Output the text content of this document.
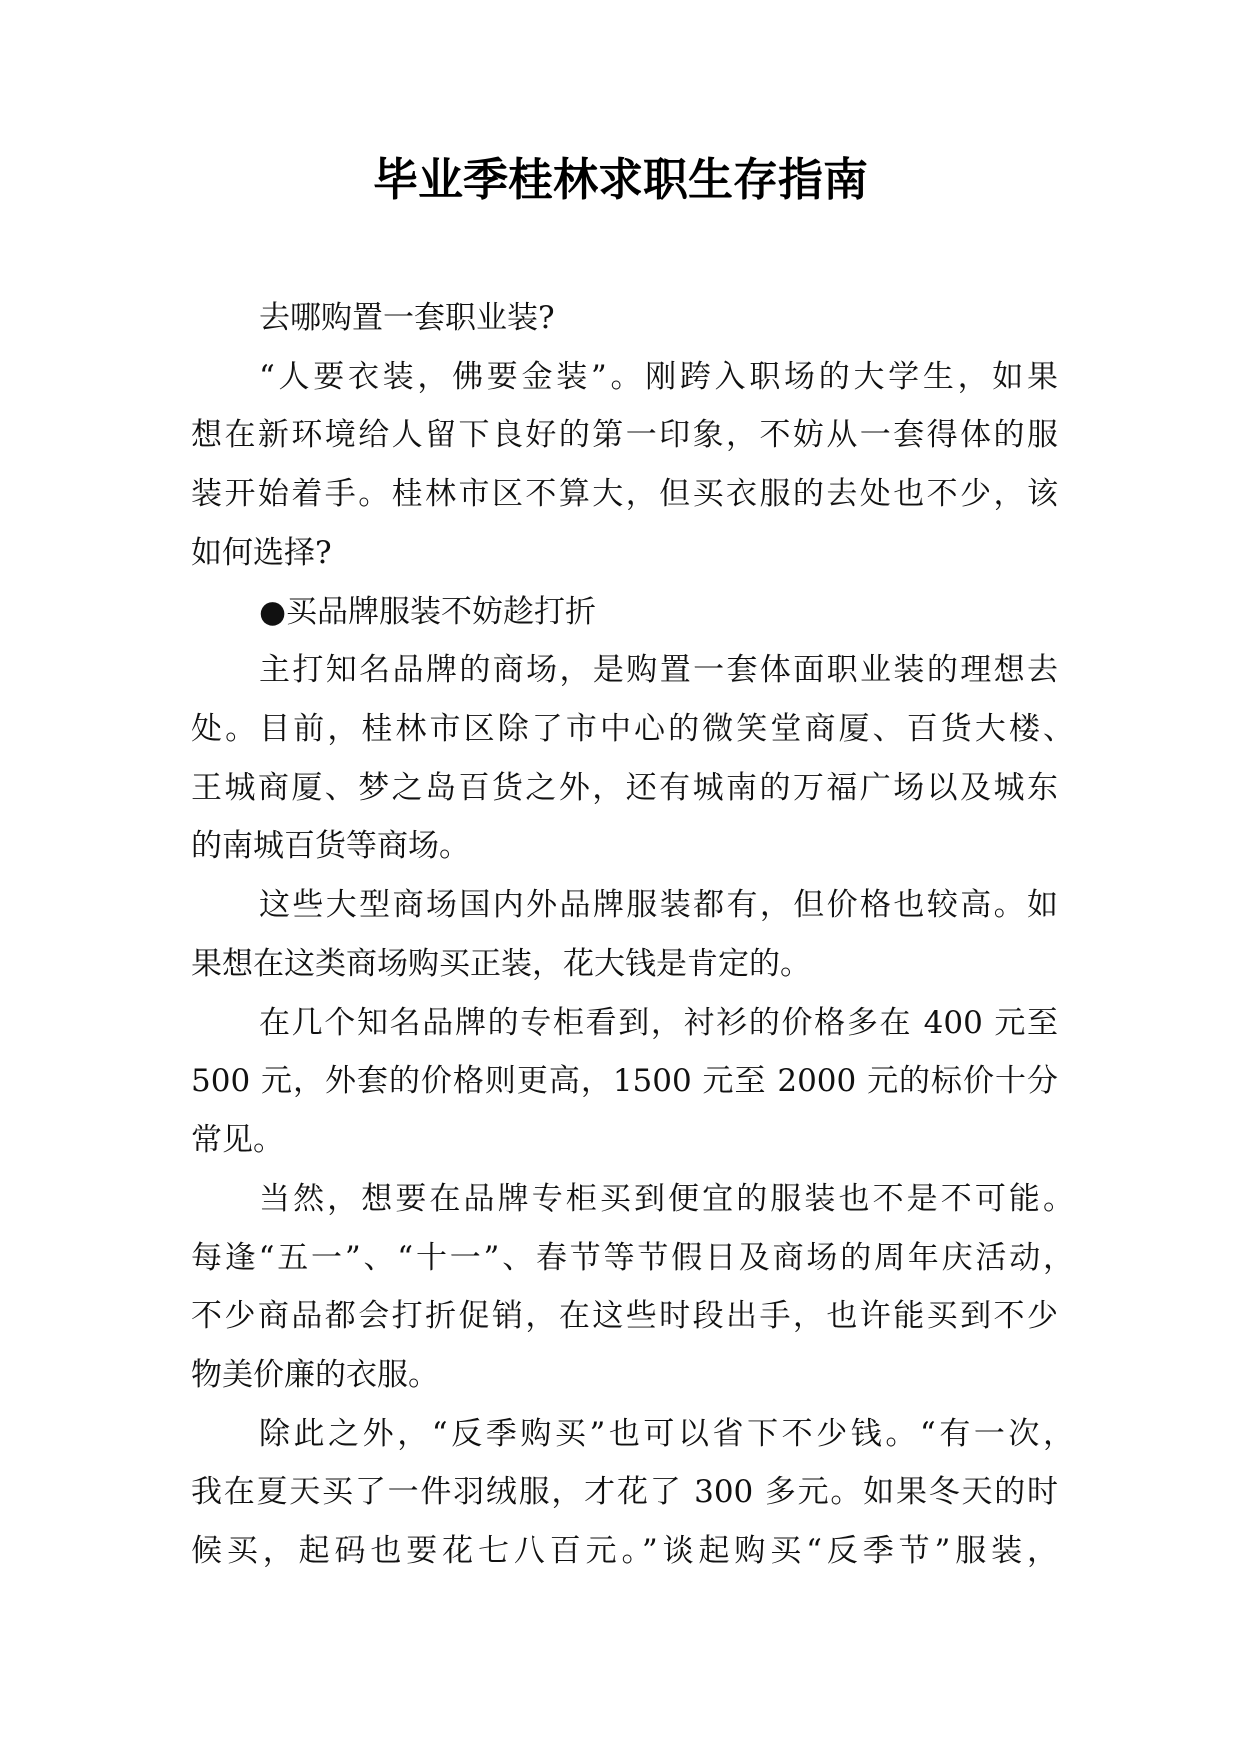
毕业季桂林求职生存指南
去哪购置一套职业装?
“人要衣装，佛要金装”。刚跨入职场的大学生，如果
想在新环境给人留下良好的第一印象，不妨从一套得体的服
装开始着手。桂林市区不算大，但买衣服的去处也不少，该
如何选择?
●买品牌服装不妨趁打折
主打知名品牌的商场，是购置一套体面职业装的理想去
处。目前，桂林市区除了市中心的微笑堂商厦、百货大楼、
王城商厦、梦之岛百货之外，还有城南的万福广场以及城东
的南城百货等商场。
这些大型商场国内外品牌服装都有，但价格也较高。如
果想在这类商场购买正装，花大钱是肯定的。
在几个知名品牌的专柜看到，衬衫的价格多在 400 元至
500 元，外套的价格则更高，1500 元至 2000 元的标价十分
常见。
当然，想要在品牌专柜买到便宜的服装也不是不可能。
每逢“五一”、“十一”、春节等节假日及商场的周年庆活动，
不少商品都会打折促销，在这些时段出手，也许能买到不少
物美价廉的衣服。
除此之外，“反季购买”也可以省下不少钱。“有一次，
我在夏天买了一件羽绒服，才花了 300 多元。如果冬天的时
候买，起码也要花七八百元。”谈起购买“反季节”服装，
